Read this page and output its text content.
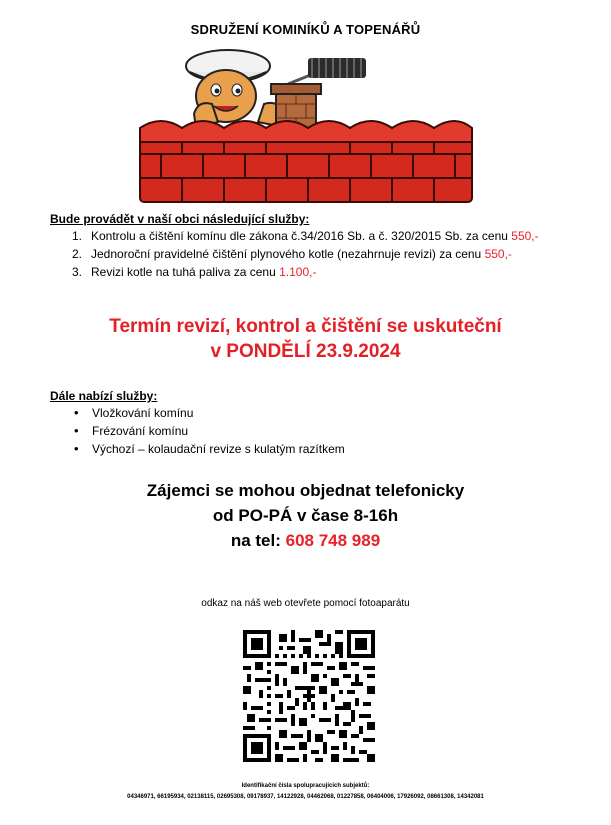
SDRUŽENÍ KOMINÍKŮ A TOPENÁŘŮ
Bude provádět v naší obci následující služby:
1. Kontrolu a čištění komínu dle zákona č.34/2016 Sb. a č. 320/2015 Sb. za cenu 550,-
2. Jednoroční pravidelné čištění plynového kotle (nezahrnuje revizi) za cenu 550,-
3. Revizi kotle na tuhá paliva za cenu 1.100,-
Termín revizí, kontrol a čištění se uskuteční
v PONDĚLÍ 23.9.2024
Dále nabízí služby:
• Vložkování komínu
• Frézování komínu
• Výchozí – kolaudační revize s kulatým razítkem
Zájemci se mohou objednat telefonicky
od PO-PÁ v čase 8-16h
na tel: 608 748 989
odkaz na náš web otevřete pomocí fotoaparátu
Identifikační čísla spolupracujících subjektů:
04346971, 66195934, 02138115, 02695308, 09178937, 14122928, 04462068, 01227858, 06404006, 17926092, 08661308, 14342081
